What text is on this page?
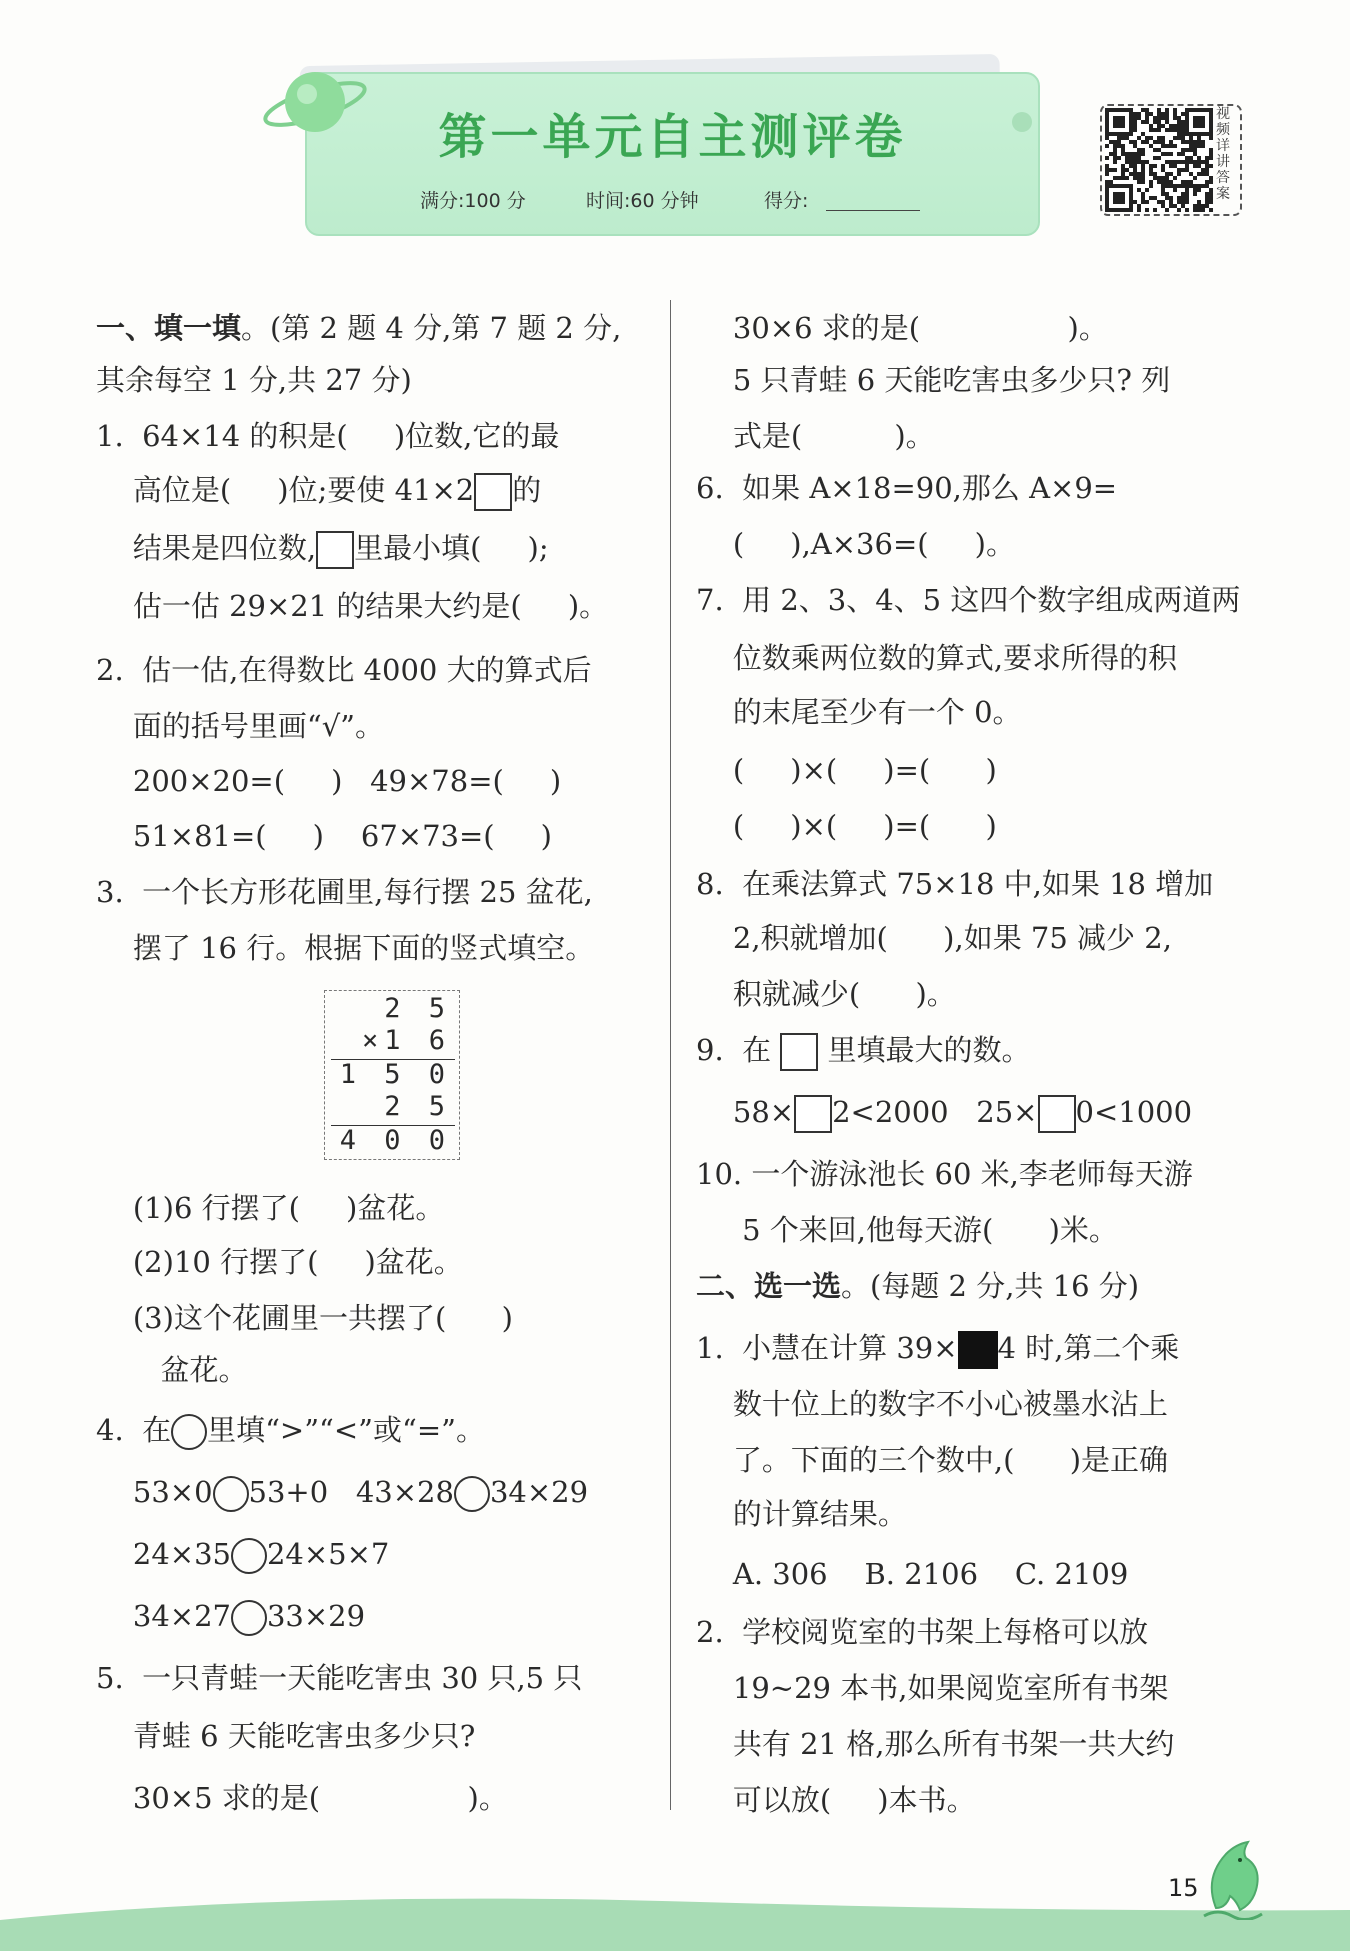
第一单元自主测评卷
满分:100 分	时间:60 分钟	得分:
视频详讲答案
一、填一填。(第 2 题 4 分,第 7 题 2 分,
其余每空 1 分,共 27 分)
1.  64×14 的积是(     )位数,它的最
高位是(     )位;要使 41×2 的
结果是四位数, 里最小填(     );
估一估 29×21 的结果大约是(     )。
2.  估一估,在得数比 4000 大的算式后
面的括号里画“√”。
200×20=(     )   49×78=(     )
51×81=(     )    67×73=(     )
3.  一个长方形花圃里,每行摆 25 盆花,
摆了 16 行。根据下面的竖式填空。
(1)6 行摆了(     )盆花。
(2)10 行摆了(     )盆花。
(3)这个花圃里一共摆了(      )
盆花。
4.  在 里填“>”“<”或“=”。
53×0 53+0   43×28 34×29
24×35 24×5×7
34×27 33×29
5.  一只青蛙一天能吃害虫 30 只,5 只
青蛙 6 天能吃害虫多少只?
30×5 求的是(                )。
30×6 求的是(                )。
5 只青蛙 6 天能吃害虫多少只? 列
式是(          )。
6.  如果 A×18=90,那么 A×9=
(     ),A×36=(     )。
7.  用 2、3、4、5 这四个数字组成两道两
位数乘两位数的算式,要求所得的积
的末尾至少有一个 0。
(     )×(     )=(      )
(     )×(     )=(      )
8.  在乘法算式 75×18 中,如果 18 增加
2,积就增加(      ),如果 75 减少 2,
积就减少(      )。
9.  在  里填最大的数。
58× 2<2000   25× 0<1000
10. 一个游泳池长 60 米,李老师每天游
5 个来回,他每天游(      )米。
二、选一选。(每题 2 分,共 16 分)
1.  小慧在计算 39× 4 时,第二个乘
数十位上的数字不小心被墨水沾上
了。下面的三个数中,(      )是正确
的计算结果。
A. 306    B. 2106    C. 2109
2.  学校阅览室的书架上每格可以放
19~29 本书,如果阅览室所有书架
共有 21 格,那么所有书架一共大约
可以放(     )本书。
2 5
×1 6
1 5 0
2 5
4 0 0
15
